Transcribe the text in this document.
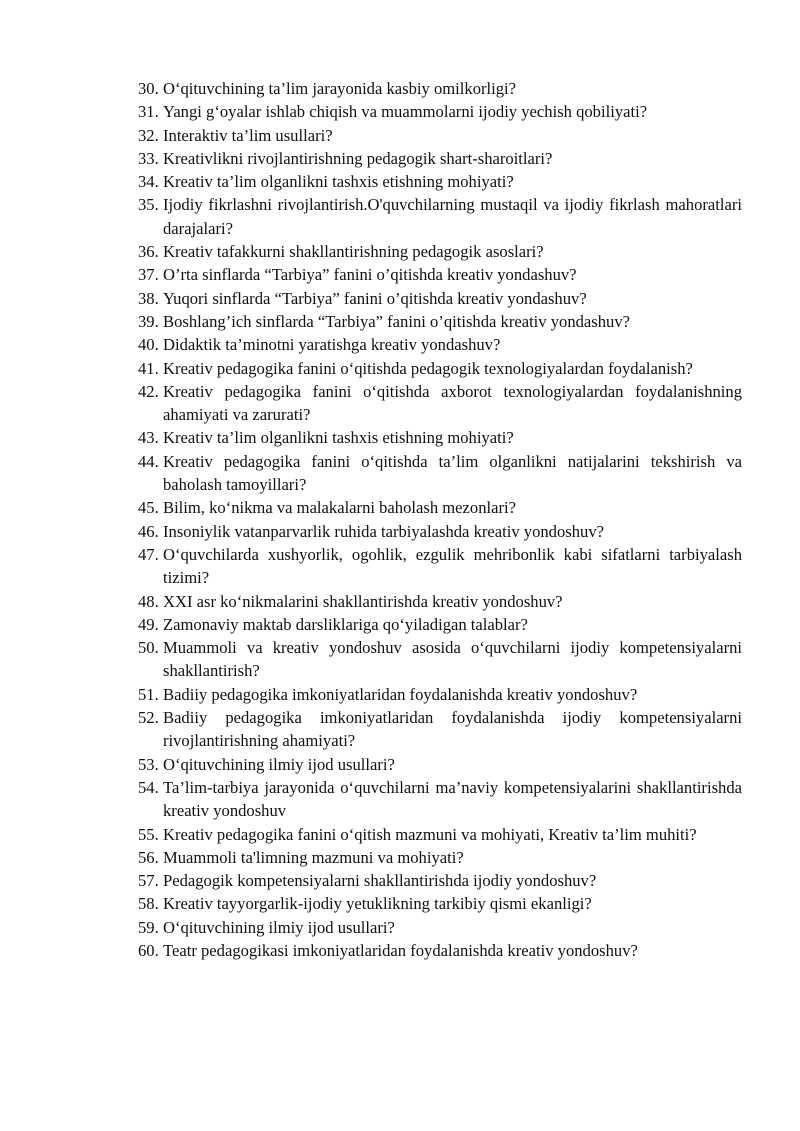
30. O‘qituvchining ta’lim jarayonida kasbiy omilkorligi?
31. Yangi g‘oyalar ishlab chiqish va muammolarni ijodiy yechish qobiliyati?
32. Interaktiv ta’lim usullari?
33. Kreativlikni rivojlantirishning pedagogik shart-sharoitlari?
34. Kreativ ta’lim olganlikni tashxis etishning mohiyati?
35. Ijodiy fikrlashni rivojlantirish.O'quvchilarning mustaqil va ijodiy fikrlash mahoratlari darajalari?
36. Kreativ tafakkurni shakllantirishning pedagogik asoslari?
37. O’rta sinflarda “Tarbiya” fanini o’qitishda kreativ yondashuv?
38. Yuqori sinflarda “Tarbiya” fanini o’qitishda kreativ yondashuv?
39. Boshlang’ich sinflarda “Tarbiya” fanini o’qitishda kreativ yondashuv?
40. Didaktik ta’minotni yaratishga kreativ yondashuv?
41. Kreativ pedagogika fanini o‘qitishda pedagogik texnologiyalardan foydalanish?
42. Kreativ pedagogika fanini o‘qitishda axborot texnologiyalardan foydalanishning ahamiyati va zarurati?
43. Kreativ ta’lim olganlikni tashxis etishning mohiyati?
44. Kreativ pedagogika fanini o‘qitishda ta’lim olganlikni natijalarini tekshirish va baholash tamoyillari?
45. Bilim, ko‘nikma va malakalarni baholash mezonlari?
46. Insoniylik vatanparvarlik ruhida tarbiyalashda kreativ yondoshuv?
47. O‘quvchilarda xushyorlik, ogohlik, ezgulik mehribonlik kabi sifatlarni tarbiyalash tizimi?
48. XXI asr ko‘nikmalarini shakllantirishda kreativ yondoshuv?
49. Zamonaviy maktab darsliklariga qo‘yiladigan talablar?
50. Muammoli va kreativ yondoshuv asosida o‘quvchilarni ijodiy kompetensiyalarni shakllantirish?
51. Badiiy pedagogika imkoniyatlaridan foydalanishda kreativ yondoshuv?
52. Badiiy pedagogika imkoniyatlaridan foydalanishda ijodiy kompetensiyalarni rivojlantirishning ahamiyati?
53. O‘qituvchining ilmiy ijod usullari?
54. Ta’lim-tarbiya jarayonida o‘quvchilarni ma’naviy kompetensiyalarini shakllantirishda kreativ yondoshuv
55. Kreativ pedagogika fanini o‘qitish mazmuni va mohiyati, Kreativ ta’lim muhiti?
56. Muammoli ta'limning mazmuni va mohiyati?
57. Pedagogik kompetensiyalarni shakllantirishda ijodiy yondoshuv?
58. Kreativ tayyorgarlik-ijodiy yetuklikning tarkibiy qismi ekanligi?
59. O‘qituvchining ilmiy ijod usullari?
60. Teatr pedagogikasi imkoniyatlaridan foydalanishda kreativ yondoshuv?
